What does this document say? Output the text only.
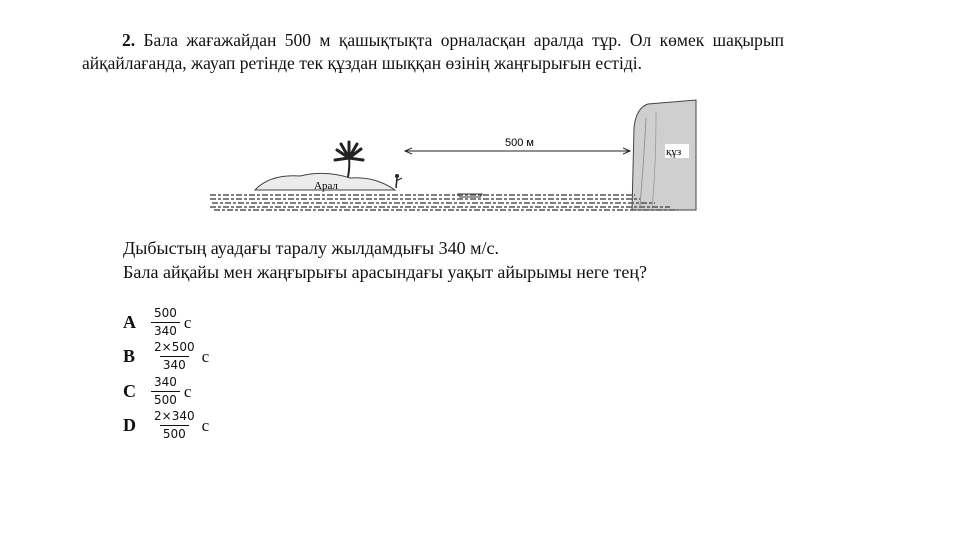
2. Бала жағажайдан 500 м қашықтықта орналасқан аралда тұр. Ол көмек шақырып айқайлағанда, жауап ретінде тек құздан шыққан өзінің жаңғырығын естіді.
құз
500 м
Арал
Дыбыстың ауадағы таралу жылдамдығы 340 м/с.
Бала айқайы мен жаңғырығы арасындағы уақыт айырымы неге тең?
A	$\frac{500}{340}$ с
B	$\frac{2\times 500}{340}$ с
C	$\frac{340}{500}$ с
D	$\frac{2\times 340}{500}$ с
